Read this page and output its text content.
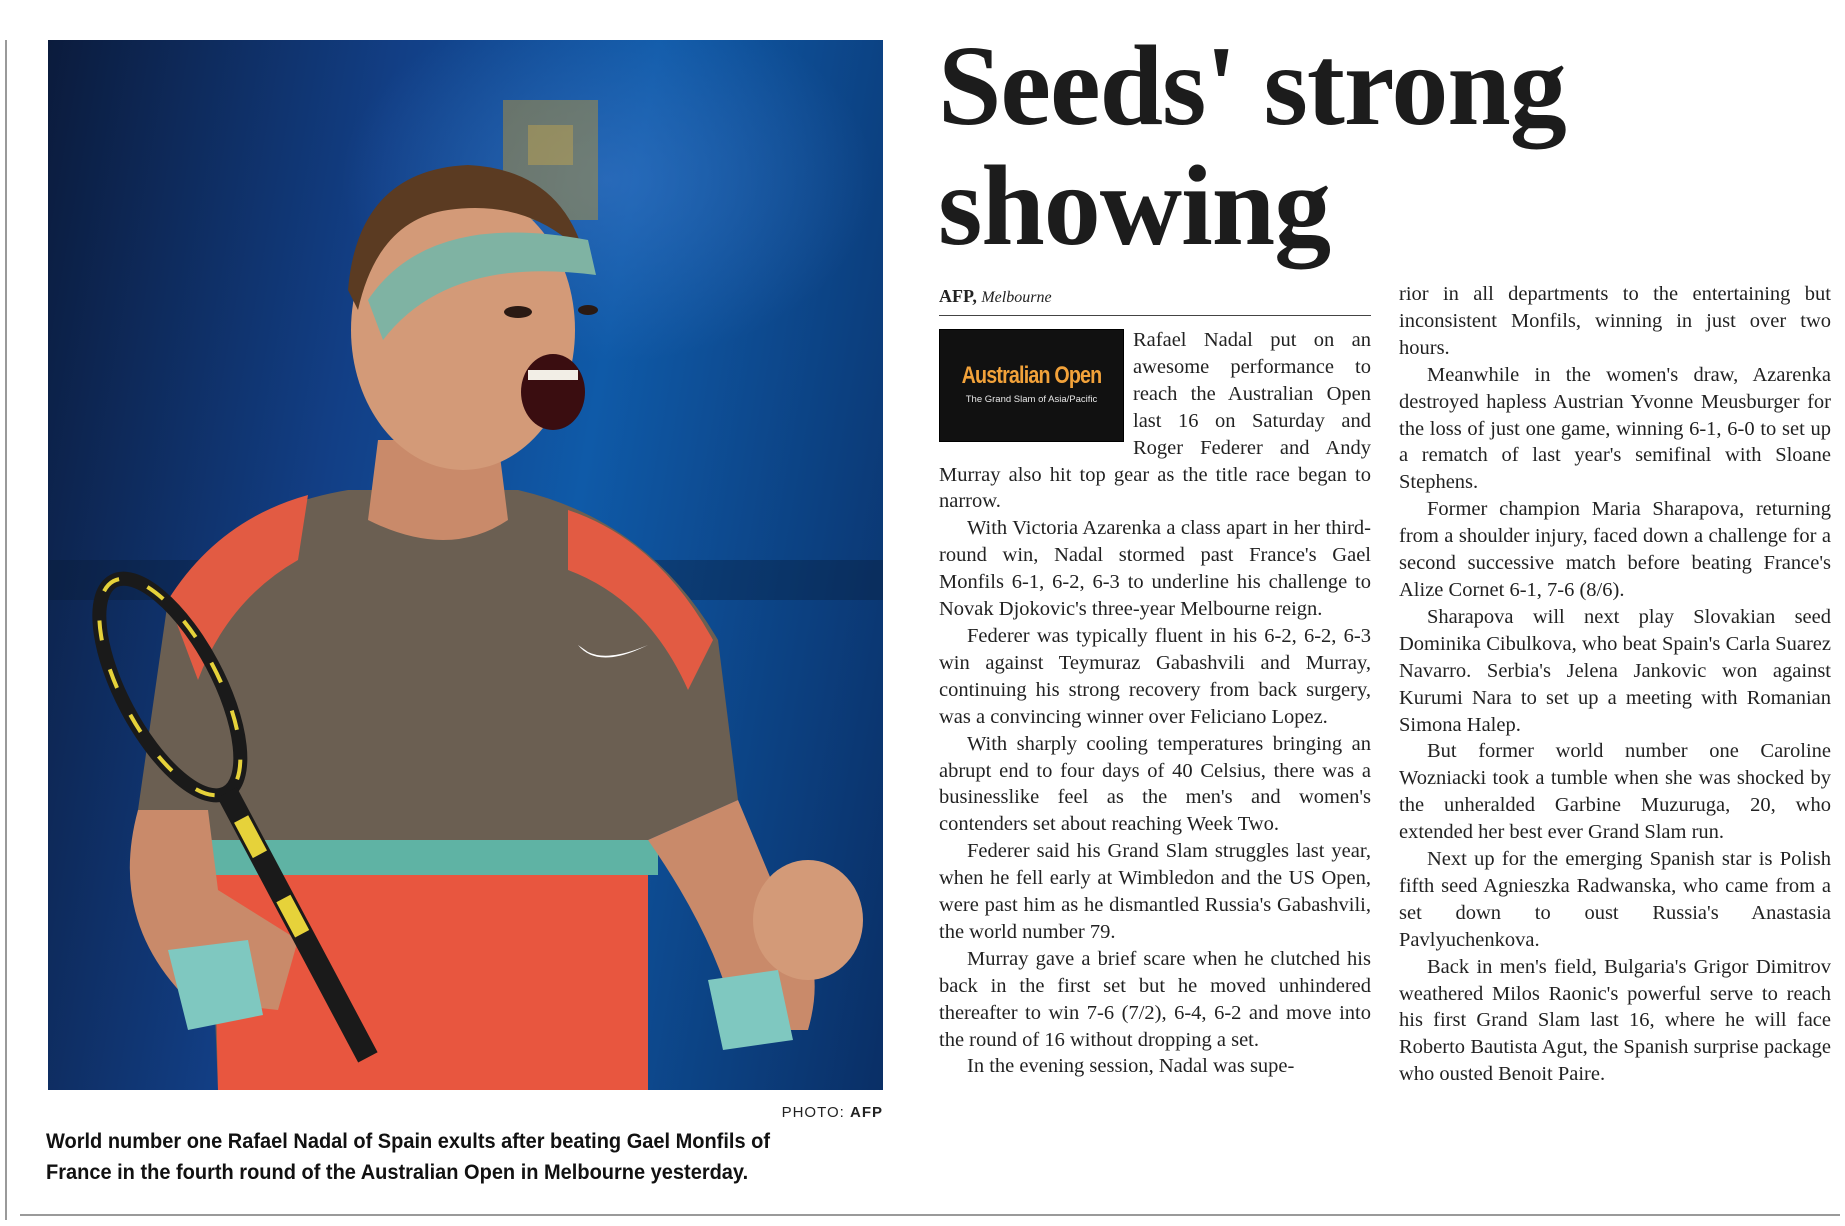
PHOTO: AFP
World number one Rafael Nadal of Spain exults after beating Gael Monfils of France in the fourth round of the Australian Open in Melbourne yesterday.
Seeds' strong
showing
AFP, Melbourne
Australian Open
The Grand Slam of Asia/Pacific

Rafael Nadal put on an awesome performance to reach the Australian Open last 16 on Saturday and Roger Federer and Andy Murray also hit top gear as the title race began to narrow.

With Victoria Azarenka a class apart in her third-round win, Nadal stormed past France's Gael Monfils 6-1, 6-2, 6-3 to underline his challenge to Novak Djokovic's three-year Melbourne reign.

Federer was typically fluent in his 6-2, 6-2, 6-3 win against Teymuraz Gabashvili and Murray, continuing his strong recovery from back surgery, was a convincing winner over Feliciano Lopez.

With sharply cooling temperatures bringing an abrupt end to four days of 40 Celsius, there was a businesslike feel as the men's and women's contenders set about reaching Week Two.

Federer said his Grand Slam struggles last year, when he fell early at Wimbledon and the US Open, were past him as he dismantled Russia's Gabashvili, the world number 79.

Murray gave a brief scare when he clutched his back in the first set but he moved unhindered thereafter to win 7-6 (7/2), 6-4, 6-2 and move into the round of 16 without dropping a set.

In the evening session, Nadal was supe-

rior in all departments to the entertaining but inconsistent Monfils, winning in just over two hours.

Meanwhile in the women's draw, Azarenka destroyed hapless Austrian Yvonne Meusburger for the loss of just one game, winning 6-1, 6-0 to set up a rematch of last year's semifinal with Sloane Stephens.

Former champion Maria Sharapova, returning from a shoulder injury, faced down a challenge for a second successive match before beating France's Alize Cornet 6-1, 7-6 (8/6).

Sharapova will next play Slovakian seed Dominika Cibulkova, who beat Spain's Carla Suarez Navarro. Serbia's Jelena Jankovic won against Kurumi Nara to set up a meeting with Romanian Simona Halep.

But former world number one Caroline Wozniacki took a tumble when she was shocked by the unheralded Garbine Muzuruga, 20, who extended her best ever Grand Slam run.

Next up for the emerging Spanish star is Polish fifth seed Agnieszka Radwanska, who came from a set down to oust Russia's Anastasia Pavlyuchenkova.

Back in men's field, Bulgaria's Grigor Dimitrov weathered Milos Raonic's powerful serve to reach his first Grand Slam last 16, where he will face Roberto Bautista Agut, the Spanish surprise package who ousted Benoit Paire.
